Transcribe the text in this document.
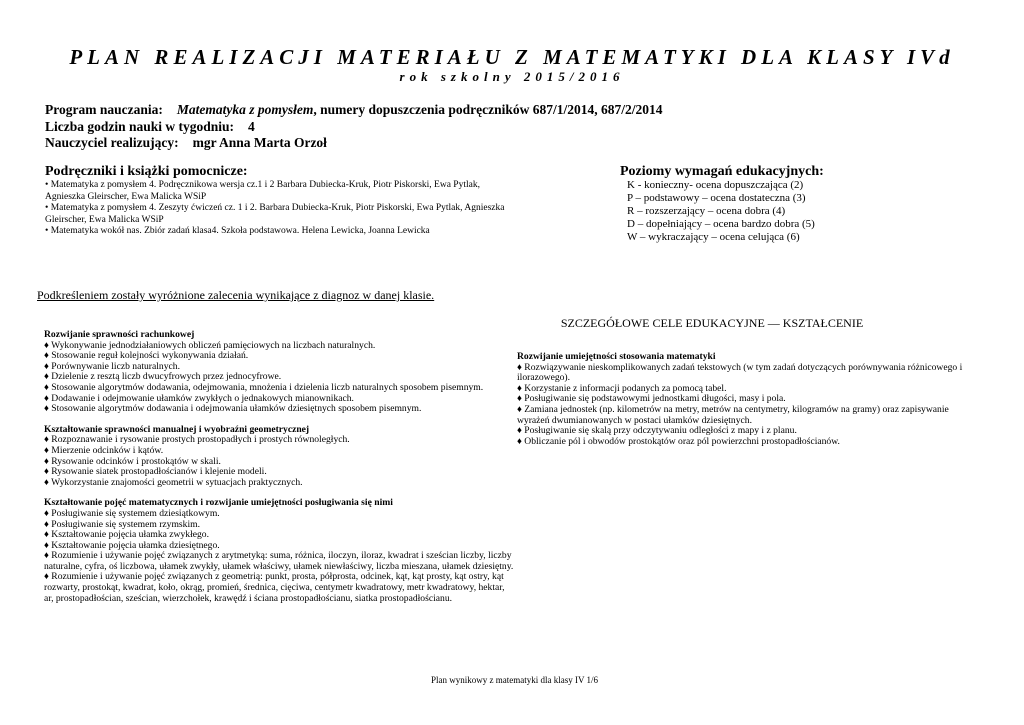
PLAN REALIZACJI MATERIAŁU Z MATEMATYKI DLA KLASY IVd
rok szkolny 2015/2016
Program nauczania: Matematyka z pomysłem, numery dopuszczenia podręczników 687/1/2014, 687/2/2014
Liczba godzin nauki w tygodniu: 4
Nauczyciel realizujący: mgr Anna Marta Orzoł
Podręczniki i książki pomocnicze:

• Matematyka z pomysłem 4. Podręcznikowa wersja cz.1 i 2 Barbara Dubiecka-Kruk, Piotr Piskorski, Ewa Pytlak, Agnieszka Gleirscher, Ewa Malicka WSiP

• Matematyka z pomysłem 4. Zeszyty ćwiczeń cz. 1 i 2. Barbara Dubiecka-Kruk, Piotr Piskorski, Ewa Pytlak, Agnieszka Gleirscher, Ewa Malicka WSiP

• Matematyka wokół nas. Zbiór zadań klasa4. Szkoła podstawowa. Helena Lewicka, Joanna Lewicka

Poziomy wymagań edukacyjnych:
K - konieczny- ocena dopuszczająca (2)
P – podstawowy – ocena dostateczna (3)
R – rozszerzający – ocena dobra (4)
D – dopełniający – ocena bardzo dobra (5)
W – wykraczający – ocena celująca (6)
Podkreśleniem zostały wyróżnione zalecenia wynikające z diagnoz w danej klasie.
SZCZEGÓŁOWE CELE EDUKACYJNE — KSZTAŁCENIE

Rozwijanie sprawności rachunkowej

♦ Wykonywanie jednodziałaniowych obliczeń pamięciowych na liczbach naturalnych.

♦ Stosowanie reguł kolejności wykonywania działań.

♦ Porównywanie liczb naturalnych.

♦ Dzielenie z resztą liczb dwucyfrowych przez jednocyfrowe.

♦ Stosowanie algorytmów dodawania, odejmowania, mnożenia i dzielenia liczb naturalnych sposobem pisemnym.

♦ Dodawanie i odejmowanie ułamków zwykłych o jednakowych mianownikach.

♦ Stosowanie algorytmów dodawania i odejmowania ułamków dziesiętnych sposobem pisemnym.

Kształtowanie sprawności manualnej i wyobraźni geometrycznej

♦ Rozpoznawanie i rysowanie prostych prostopadłych i prostych równoległych.

♦ Mierzenie odcinków i kątów.

♦ Rysowanie odcinków i prostokątów w skali.

♦ Rysowanie siatek prostopadłościanów i klejenie modeli.

♦ Wykorzystanie znajomości geometrii w sytuacjach praktycznych.

Kształtowanie pojęć matematycznych i rozwijanie umiejętności posługiwania się nimi

♦ Posługiwanie się systemem dziesiątkowym.

♦ Posługiwanie się systemem rzymskim.

♦ Kształtowanie pojęcia ułamka zwykłego.

♦ Kształtowanie pojęcia ułamka dziesiętnego.

♦ Rozumienie i używanie pojęć związanych z arytmetyką: suma, różnica, iloczyn, iloraz, kwadrat i sześcian liczby, liczby naturalne, cyfra, oś liczbowa, ułamek zwykły, ułamek właściwy, ułamek niewłaściwy, liczba mieszana, ułamek dziesiętny.

♦ Rozumienie i używanie pojęć związanych z geometrią: punkt, prosta, półprosta, odcinek, kąt, kąt prosty, kąt ostry, kąt rozwarty, prostokąt, kwadrat, koło, okrąg, promień, średnica, cięciwa, centymetr kwadratowy, metr kwadratowy, hektar, ar, prostopadłościan, sześcian, wierzchołek, krawędź i ściana prostopadłościanu, siatka prostopadłościanu.

Rozwijanie umiejętności stosowania matematyki

♦ Rozwiązywanie nieskomplikowanych zadań tekstowych (w tym zadań dotyczących porównywania różnicowego i ilorazowego).

♦ Korzystanie z informacji podanych za pomocą tabel.

♦ Posługiwanie się podstawowymi jednostkami długości, masy i pola.

♦ Zamiana jednostek (np. kilometrów na metry, metrów na centymetry, kilogramów na gramy) oraz zapisywanie wyrażeń dwumianowanych w postaci ułamków dziesiętnych.

♦ Posługiwanie się skalą przy odczytywaniu odległości z mapy i z planu.

♦ Obliczanie pól i obwodów prostokątów oraz pól powierzchni prostopadłościanów.

Plan wynikowy z matematyki dla klasy IV 1/6
